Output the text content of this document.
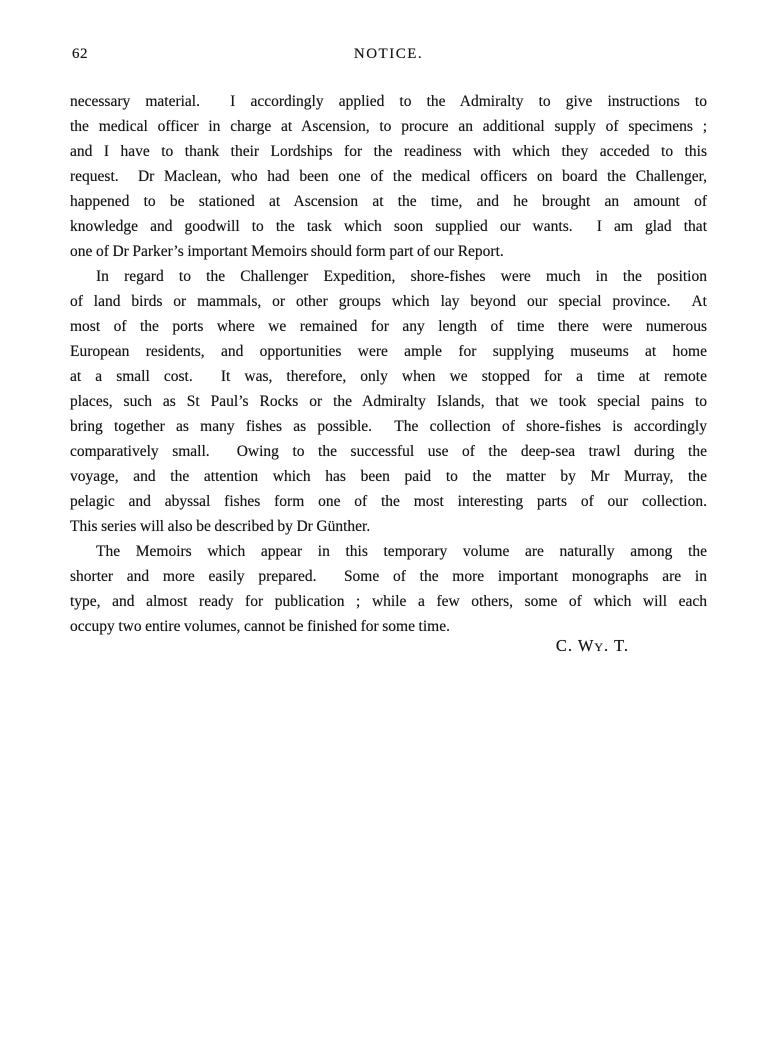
62	NOTICE.
necessary material.  I accordingly applied to the Admiralty to give instructions to
the medical officer in charge at Ascension, to procure an additional supply of specimens ;
and I have to thank their Lordships for the readiness with which they acceded to this
request.  Dr Maclean, who had been one of the medical officers on board the Challenger,
happened to be stationed at Ascension at the time, and he brought an amount of
knowledge and goodwill to the task which soon supplied our wants.  I am glad that
one of Dr Parker’s important Memoirs should form part of our Report.
In regard to the Challenger Expedition, shore-fishes were much in the position
of land birds or mammals, or other groups which lay beyond our special province.  At
most of the ports where we remained for any length of time there were numerous
European residents, and opportunities were ample for supplying museums at home
at a small cost.  It was, therefore, only when we stopped for a time at remote
places, such as St Paul’s Rocks or the Admiralty Islands, that we took special pains to
bring together as many fishes as possible.  The collection of shore-fishes is accordingly
comparatively small.  Owing to the successful use of the deep-sea trawl during the
voyage, and the attention which has been paid to the matter by Mr Murray, the
pelagic and abyssal fishes form one of the most interesting parts of our collection.
This series will also be described by Dr Günther.
The Memoirs which appear in this temporary volume are naturally among the
shorter and more easily prepared.  Some of the more important monographs are in
type, and almost ready for publication ; while a few others, some of which will each
occupy two entire volumes, cannot be finished for some time.
C. Wy. T.
